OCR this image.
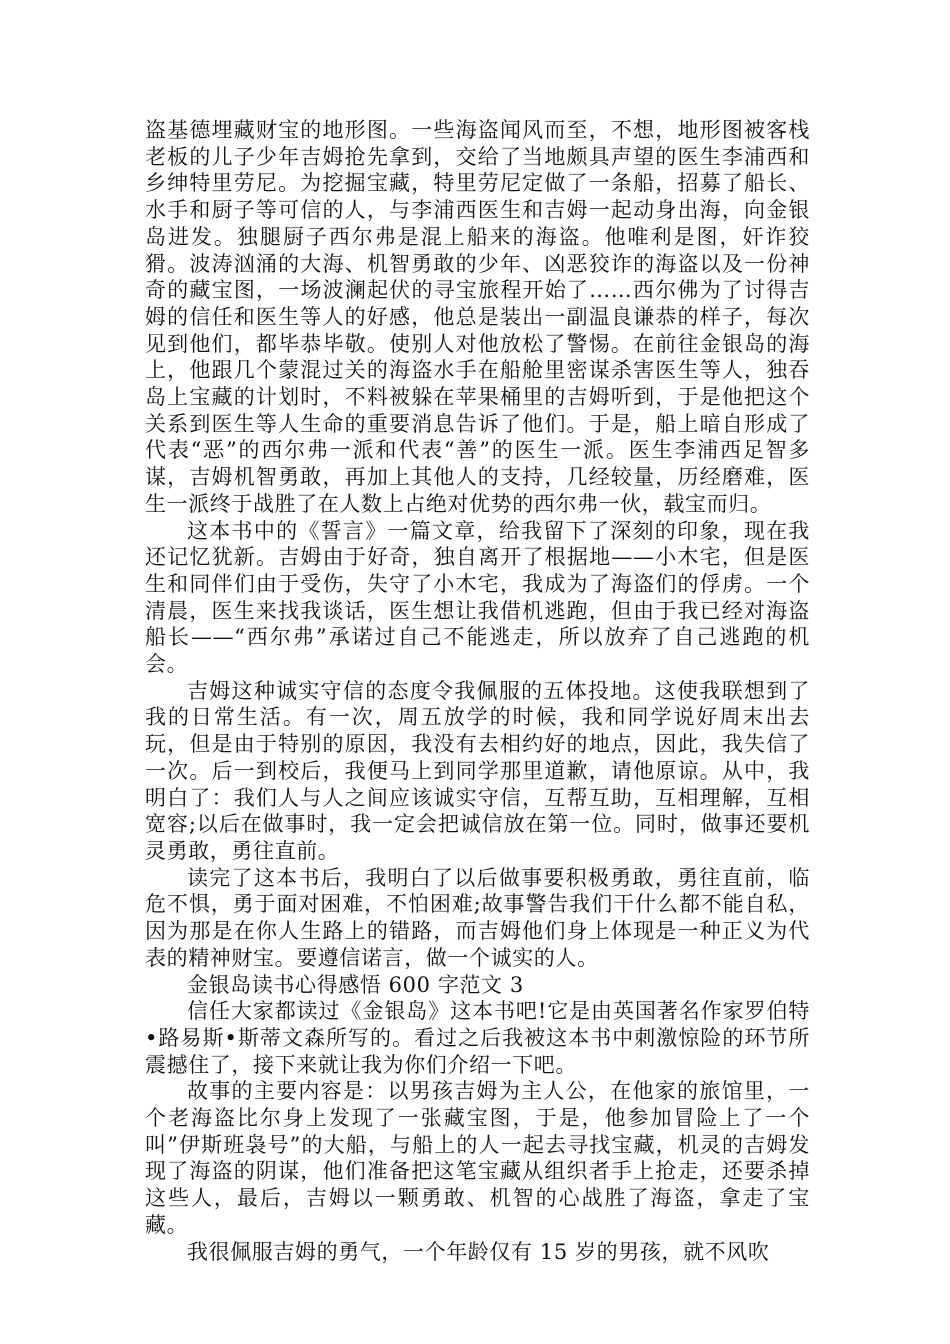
盗基德埋藏财宝的地形图。一些海盗闻风而至，不想，地形图被客栈老板的儿子少年吉姆抢先拿到，交给了当地颇具声望的医生李浦西和乡绅特里劳尼。为挖掘宝藏，特里劳尼定做了一条船，招募了船长、水手和厨子等可信的人，与李浦西医生和吉姆一起动身出海，向金银岛进发。独腿厨子西尔弗是混上船来的海盗。他唯利是图，奸诈狡猾。波涛汹涌的大海、机智勇敢的少年、凶恶狡诈的海盗以及一份神奇的藏宝图，一场波澜起伏的寻宝旅程开始了……西尔佛为了讨得吉姆的信任和医生等人的好感，他总是装出一副温良谦恭的样子，每次见到他们，都毕恭毕敬。使别人对他放松了警惕。在前往金银岛的海上，他跟几个蒙混过关的海盗水手在船舱里密谋杀害医生等人，独吞岛上宝藏的计划时，不料被躲在苹果桶里的吉姆听到，于是他把这个关系到医生等人生命的重要消息告诉了他们。于是，船上暗自形成了代表“恶”的西尔弗一派和代表“善”的医生一派。医生李浦西足智多谋，吉姆机智勇敢，再加上其他人的支持，几经较量，历经磨难，医生一派终于战胜了在人数上占绝对优势的西尔弗一伙，载宝而归。

这本书中的《誓言》一篇文章，给我留下了深刻的印象，现在我还记忆犹新。吉姆由于好奇，独自离开了根据地——小木宅，但是医生和同伴们由于受伤，失守了小木宅，我成为了海盗们的俘虏。一个清晨，医生来找我谈话，医生想让我借机逃跑，但由于我已经对海盗船长——“西尔弗”承诺过自己不能逃走，所以放弃了自己逃跑的机会。

吉姆这种诚实守信的态度令我佩服的五体投地。这使我联想到了我的日常生活。有一次，周五放学的时候，我和同学说好周末出去玩，但是由于特别的原因，我没有去相约好的地点，因此，我失信了一次。后一到校后，我便马上到同学那里道歉，请他原谅。从中，我明白了：我们人与人之间应该诚实守信，互帮互助，互相理解，互相宽容;以后在做事时，我一定会把诚信放在第一位。同时，做事还要机灵勇敢，勇往直前。

读完了这本书后，我明白了以后做事要积极勇敢，勇往直前，临危不惧，勇于面对困难，不怕困难;故事警告我们干什么都不能自私，因为那是在你人生路上的错路，而吉姆他们身上体现是一种正义为代表的精神财宝。要遵信诺言，做一个诚实的人。

金银岛读书心得感悟 600 字范文 3

信任大家都读过《金银岛》这本书吧!它是由英国著名作家罗伯特•路易斯•斯蒂文森所写的。看过之后我被这本书中刺激惊险的环节所震撼住了，接下来就让我为你们介绍一下吧。

故事的主要内容是：以男孩吉姆为主人公，在他家的旅馆里，一个老海盗比尔身上发现了一张藏宝图，于是，他参加冒险上了一个叫”伊斯班袅号”的大船，与船上的人一起去寻找宝藏，机灵的吉姆发现了海盗的阴谋，他们准备把这笔宝藏从组织者手上抢走，还要杀掉这些人，最后，吉姆以一颗勇敢、机智的心战胜了海盗，拿走了宝藏。

我很佩服吉姆的勇气，一个年龄仅有 15 岁的男孩，就不风吹
